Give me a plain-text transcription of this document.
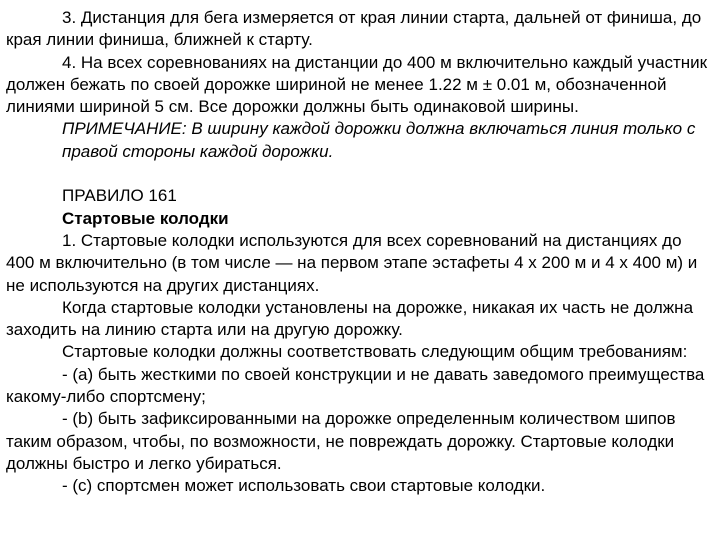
3. Дистанция для бега измеряется от края линии старта, дальней от финиша, до края линии финиша, ближней к старту.

4. На всех соревнованиях на дистанции до 400 м включительно каждый участник должен бежать по своей дорожке шириной не менее 1.22 м ± 0.01 м, обозначенной линиями шириной 5 см. Все дорожки должны быть одинаковой ширины.

ПРИМЕЧАНИЕ: В ширину каждой дорожки должна включаться линия только с правой стороны каждой дорожки.

ПРАВИЛО 161

Стартовые колодки

1. Стартовые колодки используются для всех соревнований на дистанциях до 400 м включительно (в том числе — на первом этапе эстафеты 4 х 200 м и 4 х 400 м) и не используются на других дистанциях.

Когда стартовые колодки установлены на дорожке, никакая их часть не должна заходить на линию старта или на другую дорожку.

Стартовые колодки должны соответствовать следующим общим требованиям:

- (a) быть жесткими по своей конструкции и не давать заведомого преимущества какому-либо спортсмену;

- (b) быть зафиксированными на дорожке определенным количеством шипов таким образом, чтобы, по возможности, не повреждать дорожку. Стартовые колодки должны быстро и легко убираться.

- (c) спортсмен может использовать свои стартовые колодки.
